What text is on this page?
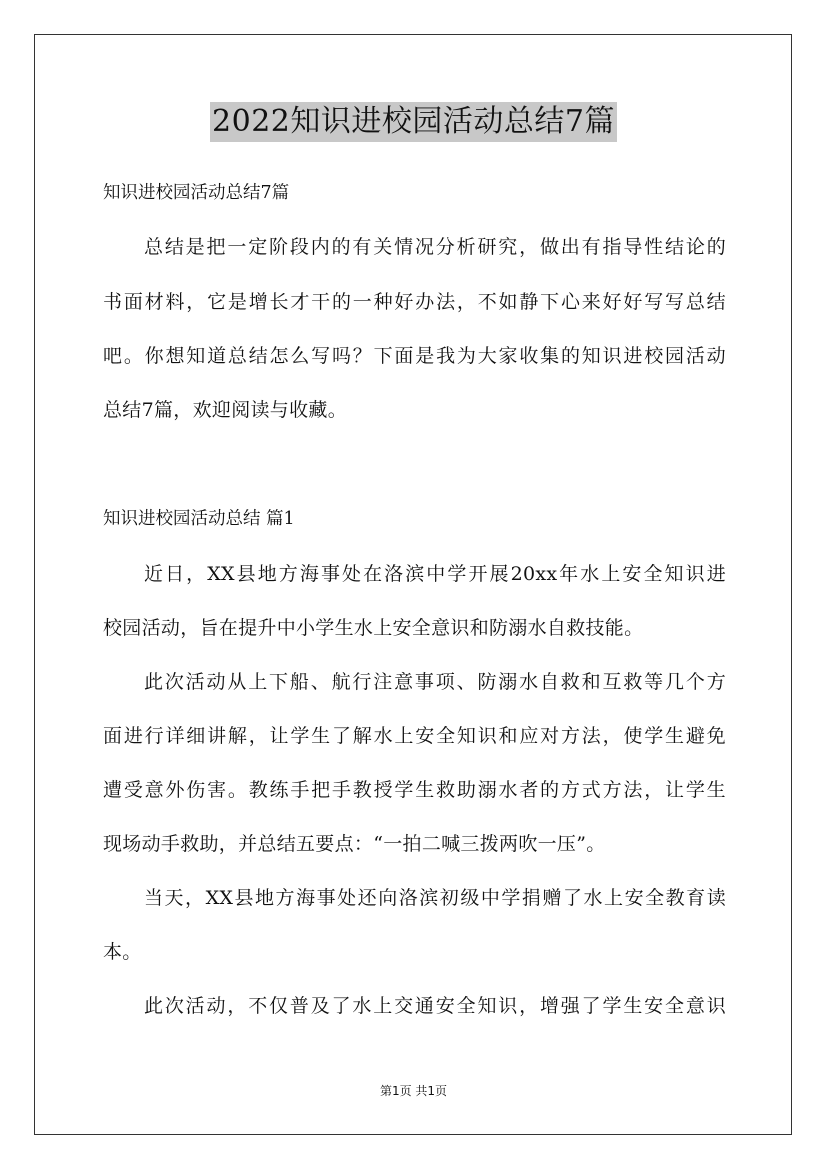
2022知识进校园活动总结7篇
知识进校园活动总结7篇
总结是把一定阶段内的有关情况分析研究，做出有指导性结论的
书面材料，它是增长才干的一种好办法，不如静下心来好好写写总结
吧。你想知道总结怎么写吗？下面是我为大家收集的知识进校园活动
总结7篇，欢迎阅读与收藏。
知识进校园活动总结 篇1
近日，XX县地方海事处在洛滨中学开展20xx年水上安全知识进
校园活动，旨在提升中小学生水上安全意识和防溺水自救技能。
此次活动从上下船、航行注意事项、防溺水自救和互救等几个方
面进行详细讲解，让学生了解水上安全知识和应对方法，使学生避免
遭受意外伤害。教练手把手教授学生救助溺水者的方式方法，让学生
现场动手救助，并总结五要点：“一拍二喊三拨两吹一压”。
当天，XX县地方海事处还向洛滨初级中学捐赠了水上安全教育读
本。
此次活动，不仅普及了水上交通安全知识，增强了学生安全意识
第1页 共1页
